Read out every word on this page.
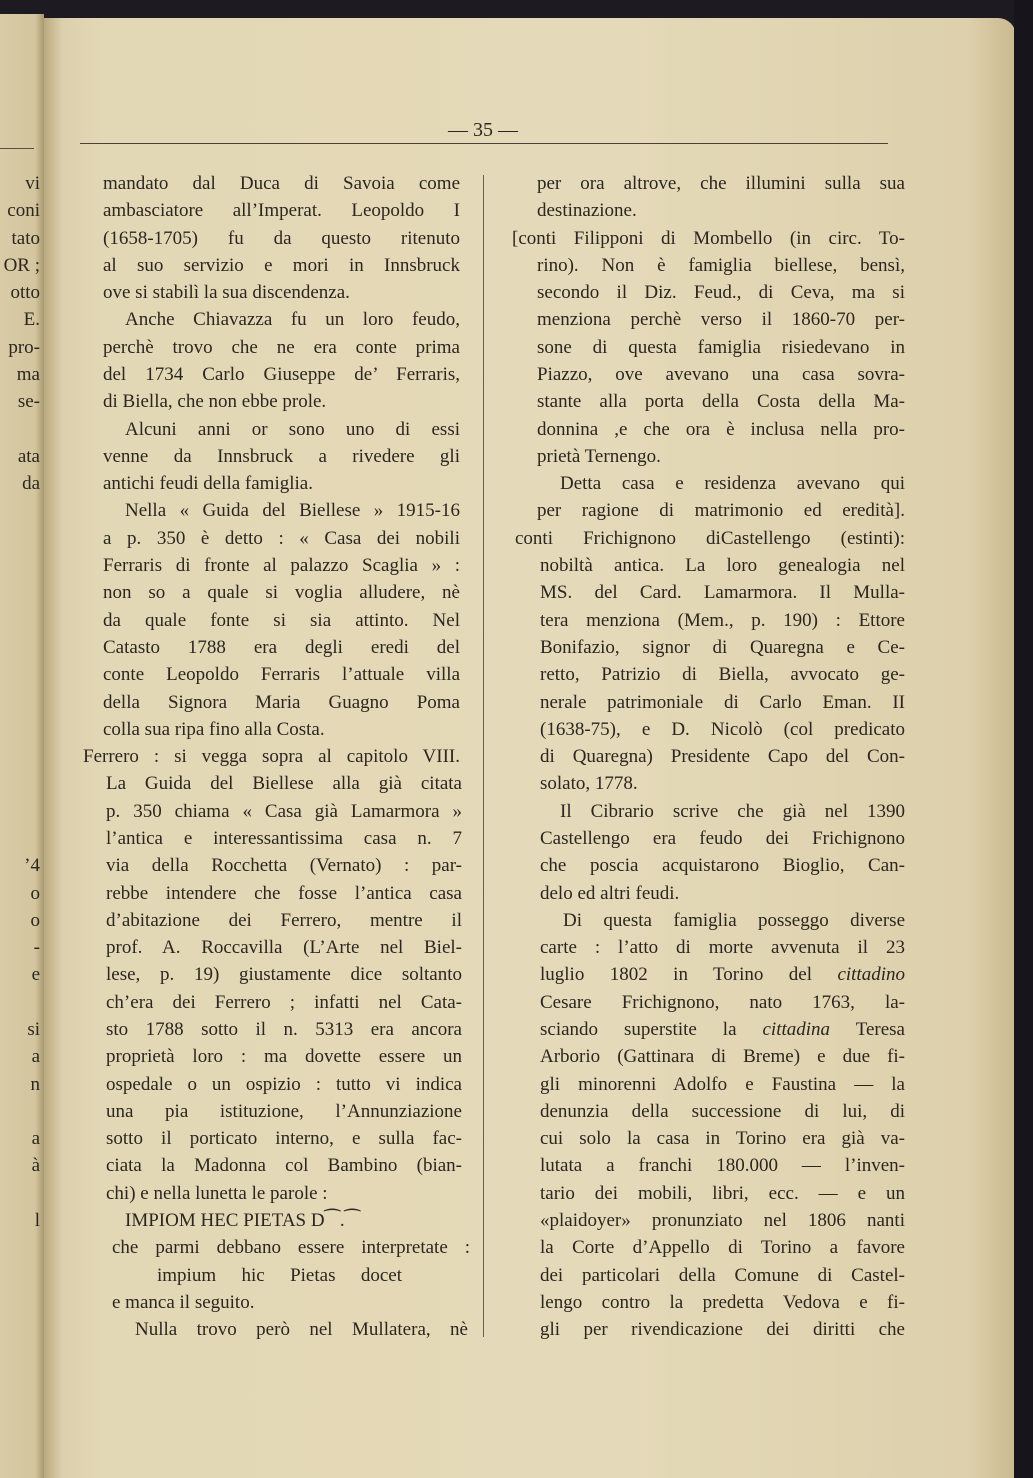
— 35 —
mandato dal Duca di Savoia come
ambasciatore all’Imperat. Leopoldo I
(1658-1705) fu da questo ritenuto
al suo servizio e mori in Innsbruck
ove si stabilì la sua discendenza.
Anche Chiavazza fu un loro feudo,
perchè trovo che ne era conte prima
del 1734 Carlo Giuseppe de’ Ferraris,
di Biella, che non ebbe prole.
Alcuni anni or sono uno di essi
venne da Innsbruck a rivedere gli
antichi feudi della famiglia.
Nella « Guida del Biellese » 1915-16
a p. 350 è detto : « Casa dei nobili
Ferraris di fronte al palazzo Scaglia » :
non so a quale si voglia alludere, nè
da quale fonte si sia attinto. Nel
Catasto 1788 era degli eredi del
conte Leopoldo Ferraris l’attuale villa
della Signora Maria Guagno Poma
colla sua ripa fino alla Costa.
Ferrero : si vegga sopra al capitolo VIII.
La Guida del Biellese alla già citata
p. 350 chiama « Casa già Lamarmora »
l’antica e interessantissima casa n. 7
via della Rocchetta (Vernato) : par-
rebbe intendere che fosse l’antica casa
d’abitazione dei Ferrero, mentre il
prof. A. Roccavilla (L’Arte nel Biel-
lese, p. 19) giustamente dice soltanto
ch’era dei Ferrero ; infatti nel Cata-
sto 1788 sotto il n. 5313 era ancora
proprietà loro : ma dovette essere un
ospedale o un ospizio : tutto vi indica
una pia istituzione, l’Annunziazione
sotto il porticato interno, e sulla fac-
ciata la Madonna col Bambino (bian-
chi) e nella lunetta le parole :
IMPIOM HEC PIETAS D⁀.⁀
che parmi debbano essere interpretate :
impium hic Pietas docet
e manca il seguito.
Nulla trovo però nel Mullatera, nè
per ora altrove, che illumini sulla sua
destinazione.
[conti Filipponi di Mombello (in circ. To-
rino). Non è famiglia biellese, bensì,
secondo il Diz. Feud., di Ceva, ma si
menziona perchè verso il 1860-70 per-
sone di questa famiglia risiedevano in
Piazzo, ove avevano una casa sovra-
stante alla porta della Costa della Ma-
donnina ,e che ora è inclusa nella pro-
prietà Ternengo.
Detta casa e residenza avevano qui
per ragione di matrimonio ed eredità].
conti Frichignono diCastellengo (estinti):
nobiltà antica. La loro genealogia nel
MS. del Card. Lamarmora. Il Mulla-
tera menziona (Mem., p. 190) : Ettore
Bonifazio, signor di Quaregna e Ce-
retto, Patrizio di Biella, avvocato ge-
nerale patrimoniale di Carlo Eman. II
(1638-75), e D. Nicolò (col predicato
di Quaregna) Presidente Capo del Con-
solato, 1778.
Il Cibrario scrive che già nel 1390
Castellengo era feudo dei Frichignono
che poscia acquistarono Bioglio, Can-
delo ed altri feudi.
Di questa famiglia posseggo diverse
carte : l’atto di morte avvenuta il 23
luglio 1802 in Torino del cittadino
Cesare Frichignono, nato 1763, la-
sciando superstite la cittadina Teresa
Arborio (Gattinara di Breme) e due fi-
gli minorenni Adolfo e Faustina — la
denunzia della successione di lui, di
cui solo la casa in Torino era già va-
lutata a franchi 180.000 — l’inven-
tario dei mobili, libri, ecc. — e un
«plaidoyer» pronunziato nel 1806 nanti
la Corte d’Appello di Torino a favore
dei particolari della Comune di Castel-
lengo contro la predetta Vedova e fi-
gli per rivendicazione dei diritti che
vi
coni
tato
OR ;
otto
E.
pro-
ma
se-
ata
da
’4
o
o
-
e
si
a
n
a
à
l
